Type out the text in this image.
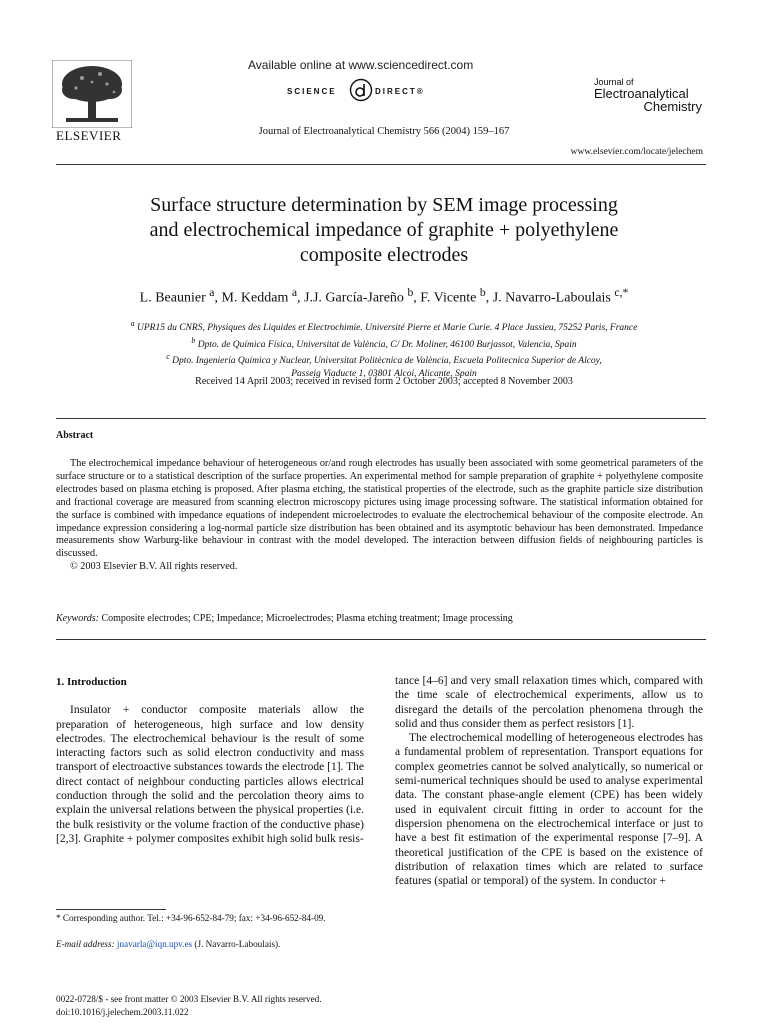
ELSEVIER
Available online at www.sciencedirect.com
SCIENCE	DIRECT®
Journal of Electroanalytical Chemistry 566 (2004) 159–167
Journal of
Electroanalytical
Chemistry
www.elsevier.com/locate/jelechem
Surface structure determination by SEM image processing
and electrochemical impedance of graphite + polyethylene
composite electrodes
L. Beaunier $^a$, M. Keddam $^a$, J.J. García-Jareño $^b$, F. Vicente $^b$, J. Navarro-Laboulais $^{c,*}$
$^a$ UPR15 du CNRS, Physiques des Liquides et Electrochimie. Université Pierre et Marie Curie. 4 Place Jussieu, 75252 Paris, France
$^b$ Dpto. de Química Física, Universitat de València, C/ Dr. Moliner, 46100 Burjassot, Valencia, Spain
$^c$ Dpto. Ingeniería Química y Nuclear, Universitat Politècnica de València, Escuela Politecnica Superior de Alcoy,
Passeig Viaducte 1, 03801 Alcoi, Alicante, Spain
Received 14 April 2003; received in revised form 2 October 2003; accepted 8 November 2003
Abstract

The electrochemical impedance behaviour of heterogeneous or/and rough electrodes has usually been associated with some geometrical parameters of the surface structure or to a statistical description of the surface properties. An experimental method for sample preparation of graphite + polyethylene composite electrodes based on plasma etching is proposed. After plasma etching, the statistical properties of the electrode, such as the graphite particle size distribution and fractional coverage are measured from scanning electron microscopy pictures using image processing software. The statistical information obtained for the surface is combined with impedance equations of independent microelectrodes to evaluate the electrochemical behaviour of the composite electrode. An impedance expression considering a log-normal particle size distribution has been obtained and its asymptotic behaviour has been demonstrated. Impedance measurements show Warburg-like behaviour in contrast with the model developed. The interaction between diffusion fields of neighbouring particles is discussed.

© 2003 Elsevier B.V. All rights reserved.

Keywords: Composite electrodes; CPE; Impedance; Microelectrodes; Plasma etching treatment; Image processing
1. Introduction

Insulator + conductor composite materials allow the preparation of heterogeneous, high surface and low density electrodes. The electrochemical behaviour is the result of some interacting factors such as solid electron conductivity and mass transport of electroactive substances towards the electrode [1]. The direct contact of neighbour conducting particles allows electrical conduction through the solid and the percolation theory aims to explain the universal relations between the physical properties (i.e. the bulk resistivity or the volume fraction of the conductive phase) [2,3]. Graphite + polymer composites exhibit high solid bulk resis-

tance [4–6] and very small relaxation times which, compared with the time scale of electrochemical experiments, allow us to disregard the details of the percolation phenomena through the solid and thus consider them as perfect resistors [1].

The electrochemical modelling of heterogeneous electrodes has a fundamental problem of representation. Transport equations for complex geometries cannot be solved analytically, so numerical or semi-numerical techniques should be used to analyse experimental data. The constant phase-angle element (CPE) has been widely used in equivalent circuit fitting in order to account for the dispersion phenomena on the electrochemical interface or just to have a best fit estimation of the experimental response [7–9]. A theoretical justification of the CPE is based on the existence of distribution of relaxation times which are related to surface features (spatial or temporal) of the system. In conductor +

* Corresponding author. Tel.: +34-96-652-84-79; fax: +34-96-652-84-09.
E-mail address: jnavarla@iqn.upv.es (J. Navarro-Laboulais).
0022-0728/$ - see front matter © 2003 Elsevier B.V. All rights reserved.
doi:10.1016/j.jelechem.2003.11.022
